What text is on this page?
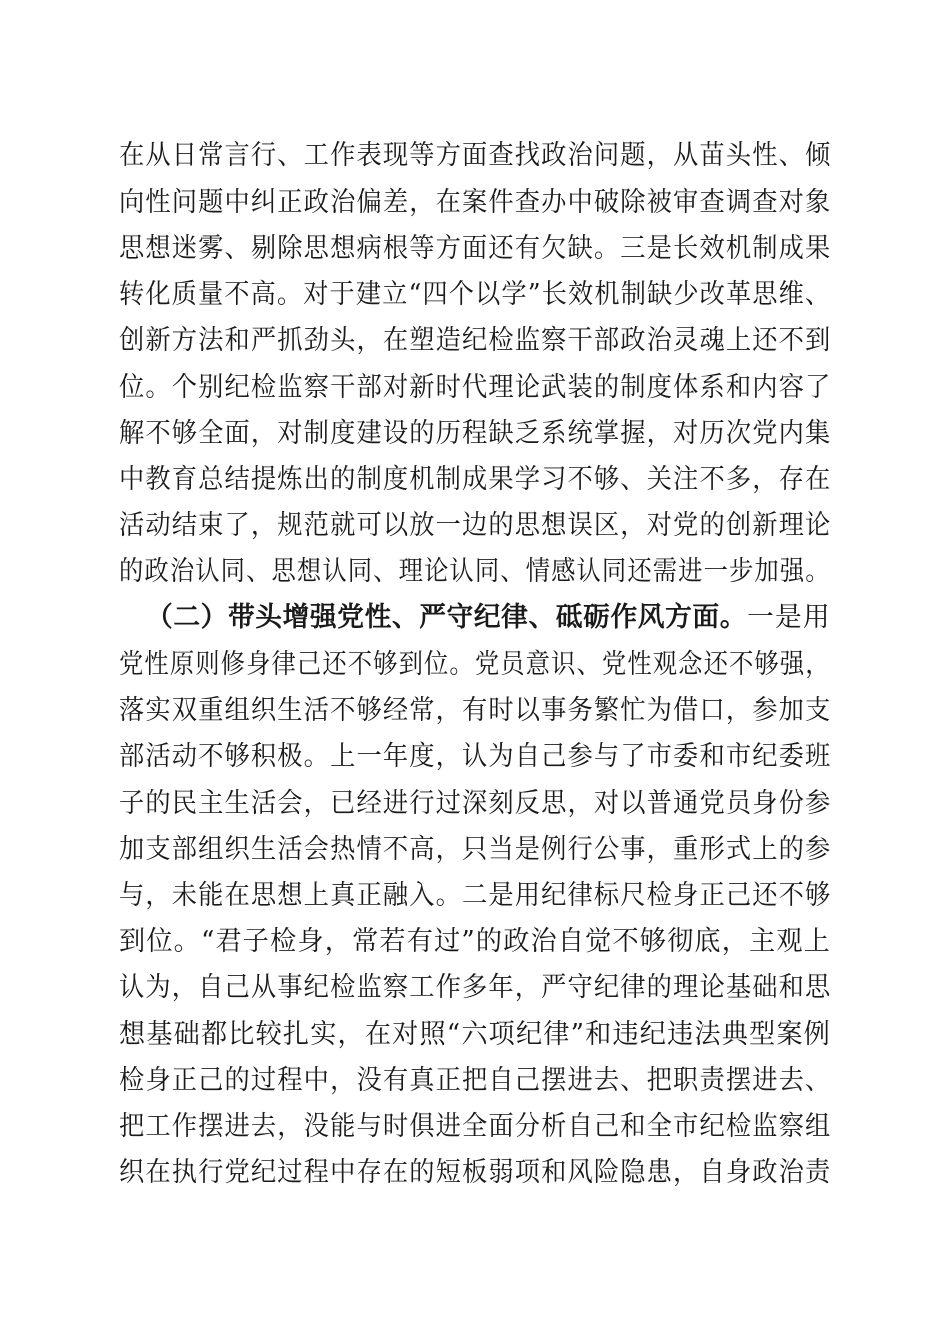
在从日常言行、工作表现等方面查找政治问题，从苗头性、倾
向性问题中纠正政治偏差，在案件查办中破除被审查调查对象
思想迷雾、剔除思想病根等方面还有欠缺。三是长效机制成果
转化质量不高。对于建立“四个以学”长效机制缺少改革思维、
创新方法和严抓劲头，在塑造纪检监察干部政治灵魂上还不到
位。个别纪检监察干部对新时代理论武装的制度体系和内容了
解不够全面，对制度建设的历程缺乏系统掌握，对历次党内集
中教育总结提炼出的制度机制成果学习不够、关注不多，存在
活动结束了，规范就可以放一边的思想误区，对党的创新理论
的政治认同、思想认同、理论认同、情感认同还需进一步加强。
（二）带头增强党性、严守纪律、砥砺作风方面。一是用
党性原则修身律己还不够到位。党员意识、党性观念还不够强，
落实双重组织生活不够经常，有时以事务繁忙为借口，参加支
部活动不够积极。上一年度，认为自己参与了市委和市纪委班
子的民主生活会，已经进行过深刻反思，对以普通党员身份参
加支部组织生活会热情不高，只当是例行公事，重形式上的参
与，未能在思想上真正融入。二是用纪律标尺检身正己还不够
到位。“君子检身，常若有过”的政治自觉不够彻底，主观上
认为，自己从事纪检监察工作多年，严守纪律的理论基础和思
想基础都比较扎实，在对照“六项纪律”和违纪违法典型案例
检身正己的过程中，没有真正把自己摆进去、把职责摆进去、
把工作摆进去，没能与时俱进全面分析自己和全市纪检监察组
织在执行党纪过程中存在的短板弱项和风险隐患，自身政治责
